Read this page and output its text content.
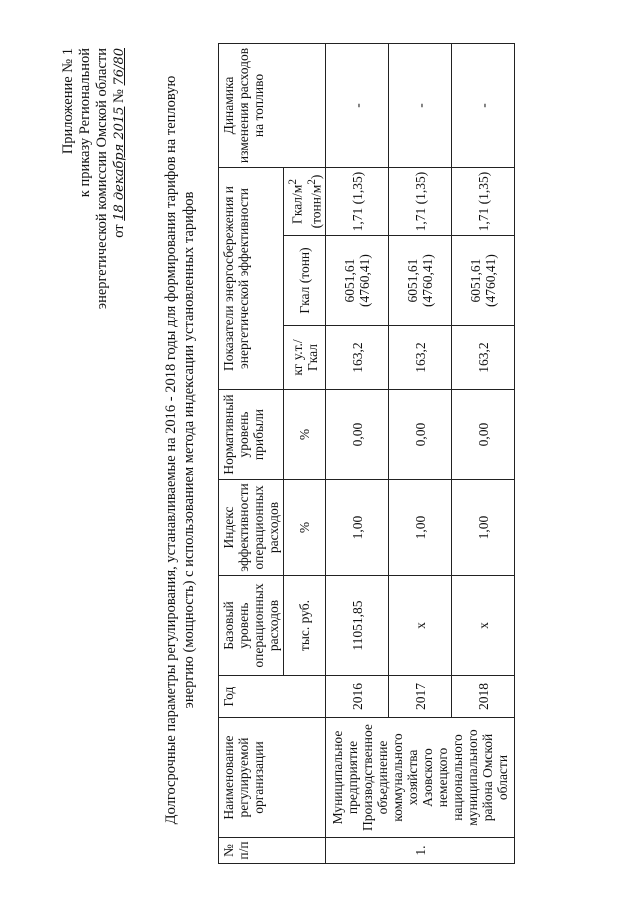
Приложение № 1 к приказу Региональной энергетической комиссии Омской области от 18 декабря 2015 № 76/80
Долгосрочные параметры регулирования, устанавливаемые на 2016 - 2018 годы для формирования тарифов на тепловую энергию (мощность) с использованием метода индексации установленных тарифов
№ п/п	Наименование регулируемой организации	Год	Базовый уровень операционных расходов	Индекс эффективности операционных расходов	Нормативный уровень прибыли	Показатели энергосбережения и энергетической эффективности			Динамика изменения расходов на топливо
			тыс. руб.	%	%	кг у.т./Гкал	Гкал (тонн)	Гкал/$м^2$ $(тонн/м^2)$	
1.	Муниципальное предприятие Производственное объединение коммунального хозяйства Азовского немецкого национального муниципального района Омской области	2016	11051,85	1,00	0,00	163,2	6051,61 (4760,41)	1,71 (1,35)	-
		2017	x	1,00	0,00	163,2	6051,61 (4760,41)	1,71 (1,35)	-
		2018	x	1,00	0,00	163,2	6051,61 (4760,41)	1,71 (1,35)	-
